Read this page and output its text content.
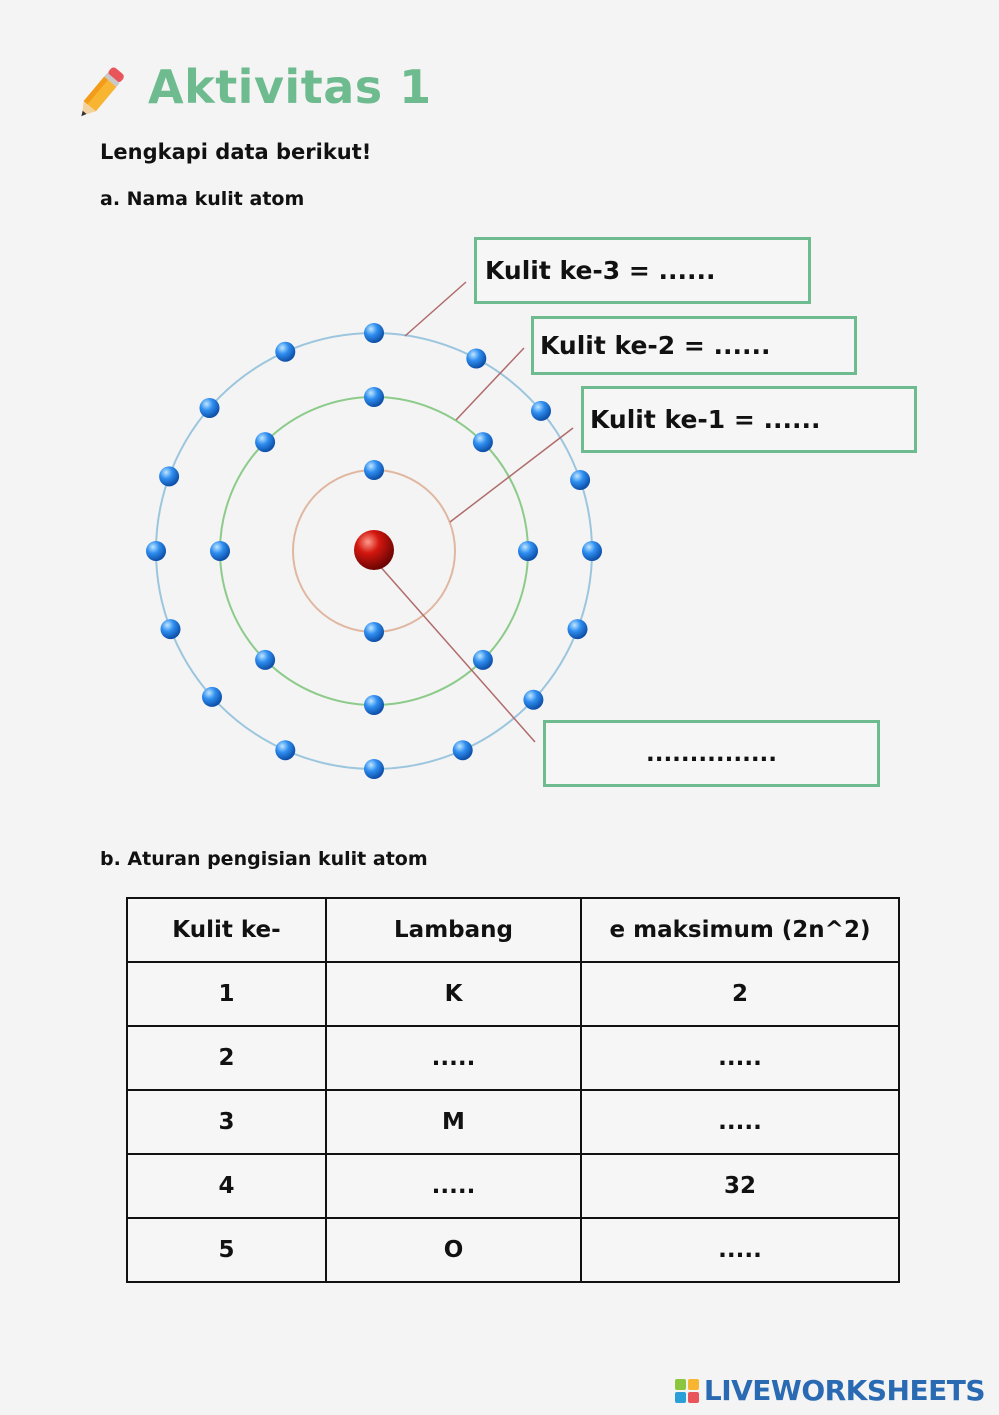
Aktivitas 1
Lengkapi data berikut!
a. Nama kulit atom
Kulit ke-3 = ......
Kulit ke-2 = ......
Kulit ke-1 = ......
...............
b. Aturan pengisian kulit atom
Kulit ke-	Lambang	e maksimum (2n^2)
1	K	2
2	.....	.....
3	M	.....
4	.....	32
5	O	.....
LIVEWORKSHEETS
